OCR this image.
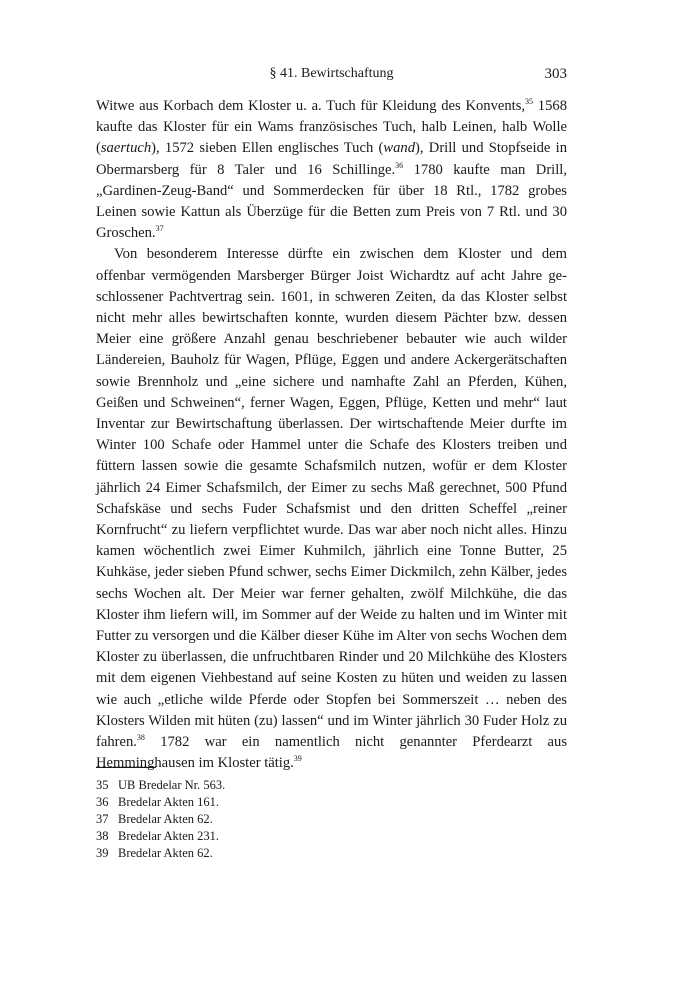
§ 41. Bewirtschaftung	303

Witwe aus Korbach dem Kloster u. a. Tuch für Kleidung des Konvents,$^{35}$ 1568 kaufte das Kloster für ein Wams französisches Tuch, halb Leinen, halb Wolle (saertuch), 1572 sieben Ellen englisches Tuch (wand), Drill und Stopfseide in Obermarsberg für 8 Taler und 16 Schillinge.$^{36}$ 1780 kaufte man Drill, „Gardinen-Zeug-Band“ und Sommerdecken für über 18 Rtl., 1782 grobes Leinen sowie Kattun als Überzüge für die Betten zum Preis von 7 Rtl. und 30 Groschen.$^{37}$

Von besonderem Interesse dürfte ein zwischen dem Kloster und dem offenbar vermögenden Marsberger Bürger Joist Wichardtz auf acht Jahre geschlossener Pachtvertrag sein. 1601, in schweren Zeiten, da das Kloster selbst nicht mehr alles bewirtschaften konnte, wurden diesem Pächter bzw. dessen Meier eine größere Anzahl genau beschriebener bebauter wie auch wilder Ländereien, Bauholz für Wagen, Pflüge, Eggen und andere Ackergerätschaften sowie Brennholz und „eine sichere und namhafte Zahl an Pferden, Kühen, Geißen und Schweinen“, ferner Wagen, Eggen, Pflüge, Ketten und mehr“ laut Inventar zur Bewirtschaftung überlassen. Der wirtschaftende Meier durfte im Winter 100 Schafe oder Hammel unter die Schafe des Klosters treiben und füttern lassen sowie die gesamte Schafsmilch nutzen, wofür er dem Kloster jährlich 24 Eimer Schafsmilch, der Eimer zu sechs Maß gerechnet, 500 Pfund Schafskäse und sechs Fuder Schafsmist und den dritten Scheffel „reiner Kornfrucht“ zu liefern verpflichtet wurde. Das war aber noch nicht alles. Hinzu kamen wöchentlich zwei Eimer Kuhmilch, jährlich eine Tonne Butter, 25 Kuhkäse, jeder sieben Pfund schwer, sechs Eimer Dickmilch, zehn Kälber, jedes sechs Wochen alt. Der Meier war ferner gehalten, zwölf Milchkühe, die das Kloster ihm liefern will, im Sommer auf der Weide zu halten und im Winter mit Futter zu versorgen und die Kälber dieser Kühe im Alter von sechs Wochen dem Kloster zu überlassen, die unfruchtbaren Rinder und 20 Milchkühe des Klosters mit dem eigenen Viehbestand auf seine Kosten zu hüten und weiden zu lassen wie auch „etliche wilde Pferde oder Stopfen bei Sommerszeit … neben des Klosters Wilden mit hüten (zu) lassen“ und im Winter jährlich 30 Fuder Holz zu fahren.$^{38}$ 1782 war ein namentlich nicht genannter Pferdearzt aus Hemminghausen im Kloster tätig.$^{39}$

35 UB Bredelar Nr. 563.
36 Bredelar Akten 161.
37 Bredelar Akten 62.
38 Bredelar Akten 231.
39 Bredelar Akten 62.
